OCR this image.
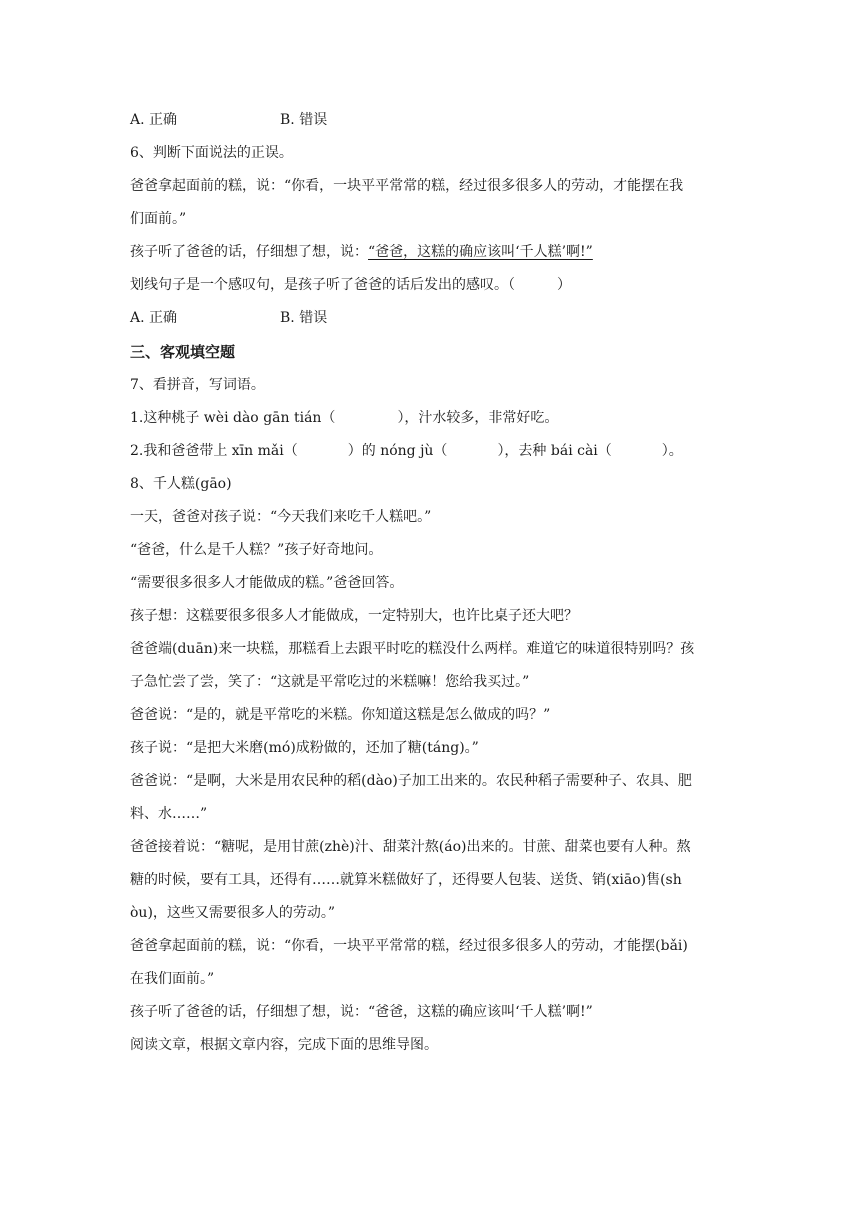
A. 正确	B. 错误
6、判断下面说法的正误。
爸爸拿起面前的糕，说：“你看，一块平平常常的糕，经过很多很多人的劳动，才能摆在我
们面前。”
孩子听了爸爸的话，仔细想了想，说：“爸爸，这糕的确应该叫‘千人糕’啊!”
划线句子是一个感叹句，是孩子听了爸爸的话后发出的感叹。（　　　）
A. 正确	B. 错误
三、客观填空题
7、看拼音，写词语。
1.这种桃子 wèi dào gān tián（	），汁水较多，非常好吃。
2.我和爸爸带上 xīn mǎi（	）的 nóng jù（	），去种 bái cài（	）。
8、千人糕(gāo)
一天，爸爸对孩子说：“今天我们来吃千人糕吧。”
“爸爸，什么是千人糕？”孩子好奇地问。
“需要很多很多人才能做成的糕。”爸爸回答。
孩子想：这糕要很多很多人才能做成，一定特别大，也许比桌子还大吧？
爸爸端(duān)来一块糕，那糕看上去跟平时吃的糕没什么两样。难道它的味道很特别吗？孩
子急忙尝了尝，笑了：“这就是平常吃过的米糕嘛！您给我买过。”
爸爸说：“是的，就是平常吃的米糕。你知道这糕是怎么做成的吗？”
孩子说：“是把大米磨(mó)成粉做的，还加了糖(táng)。”
爸爸说：“是啊，大米是用农民种的稻(dào)子加工出来的。农民种稻子需要种子、农具、肥
料、水……”
爸爸接着说：“糖呢，是用甘蔗(zhè)汁、甜菜汁熬(áo)出来的。甘蔗、甜菜也要有人种。熬
糖的时候，要有工具，还得有……就算米糕做好了，还得要人包装、送货、销(xiāo)售(sh
òu)，这些又需要很多人的劳动。”
爸爸拿起面前的糕，说：“你看，一块平平常常的糕，经过很多很多人的劳动，才能摆(bǎi)
在我们面前。”
孩子听了爸爸的话，仔细想了想，说：“爸爸，这糕的确应该叫‘千人糕’啊!”
阅读文章，根据文章内容，完成下面的思维导图。
